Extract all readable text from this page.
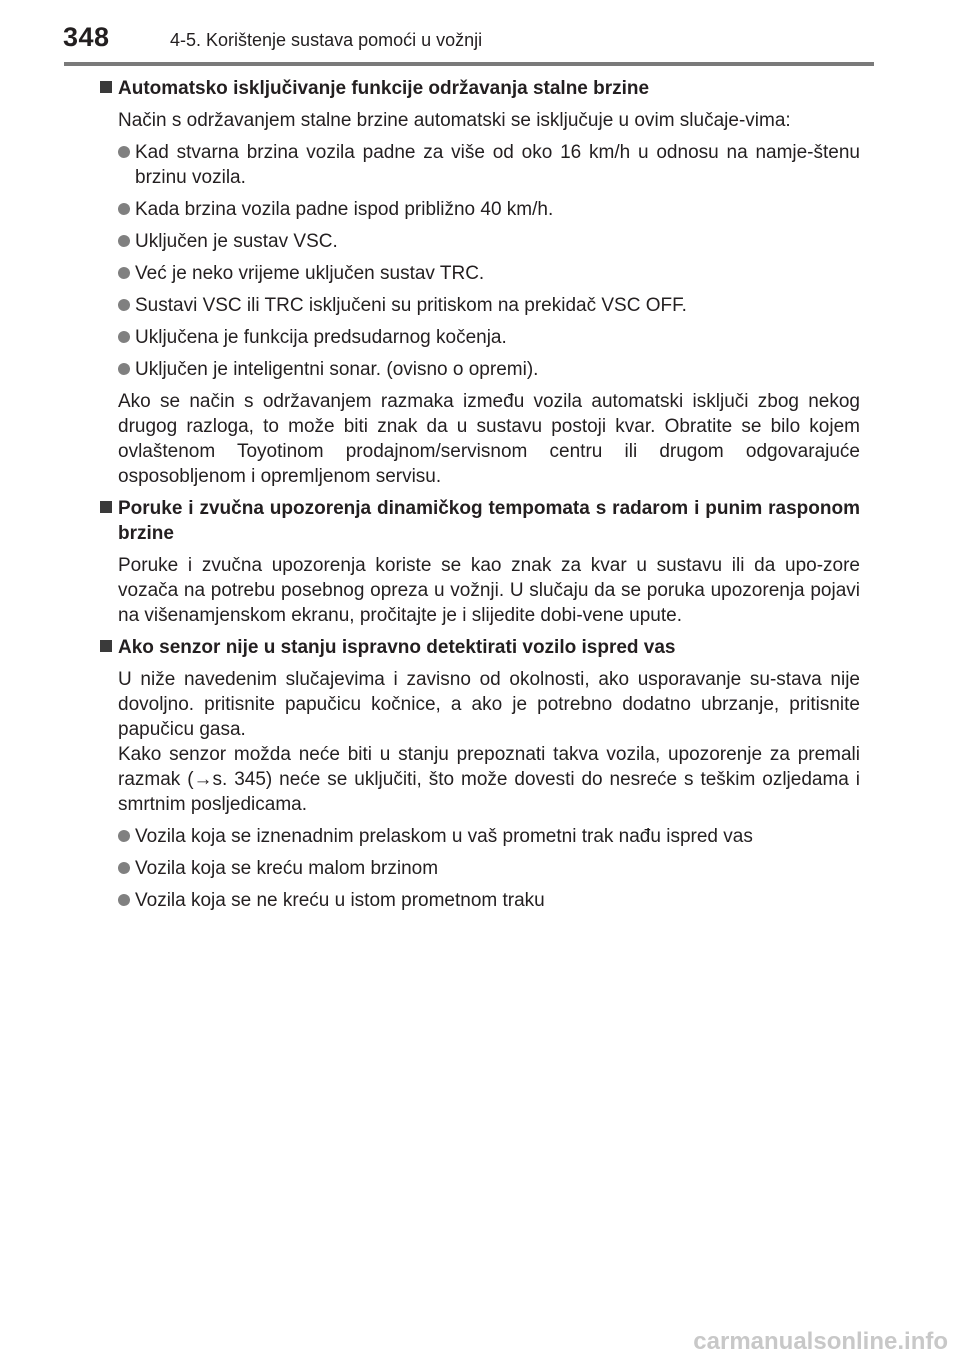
348	4-5. Korištenje sustava pomoći u vožnji
Automatsko isključivanje funkcije održavanja stalne brzine
Način s održavanjem stalne brzine automatski se isključuje u ovim slučaje-vima:
Kad stvarna brzina vozila padne za više od oko 16 km/h u odnosu na namje-štenu brzinu vozila.
Kada brzina vozila padne ispod približno 40 km/h.
Uključen je sustav VSC.
Već je neko vrijeme uključen sustav TRC.
Sustavi VSC ili TRC isključeni su pritiskom na prekidač VSC OFF.
Uključena je funkcija predsudarnog kočenja.
Uključen je inteligentni sonar. (ovisno o opremi).
Ako se način s održavanjem razmaka između vozila automatski isključi zbog nekog drugog razloga, to može biti znak da u sustavu postoji kvar. Obratite se bilo kojem ovlaštenom Toyotinom prodajnom/servisnom centru ili drugom odgovarajuće osposobljenom i opremljenom servisu.
Poruke i zvučna upozorenja dinamičkog tempomata s radarom i punim rasponom brzine
Poruke i zvučna upozorenja koriste se kao znak za kvar u sustavu ili da upo-zore vozača na potrebu posebnog opreza u vožnji. U slučaju da se poruka upozorenja pojavi na višenamjenskom ekranu, pročitajte je i slijedite dobi-vene upute.
Ako senzor nije u stanju ispravno detektirati vozilo ispred vas
U niže navedenim slučajevima i zavisno od okolnosti, ako usporavanje su-stava nije dovoljno. pritisnite papučicu kočnice, a ako je potrebno dodatno ubrzanje, pritisnite papučicu gasa.
Kako senzor možda neće biti u stanju prepoznati takva vozila, upozorenje za premali razmak (→s. 345) neće se uključiti, što može dovesti do nesreće s teškim ozljedama i smrtnim posljedicama.
Vozila koja se iznenadnim prelaskom u vaš prometni trak nađu ispred vas
Vozila koja se kreću malom brzinom
Vozila koja se ne kreću u istom prometnom traku
carmanualsonline.info
